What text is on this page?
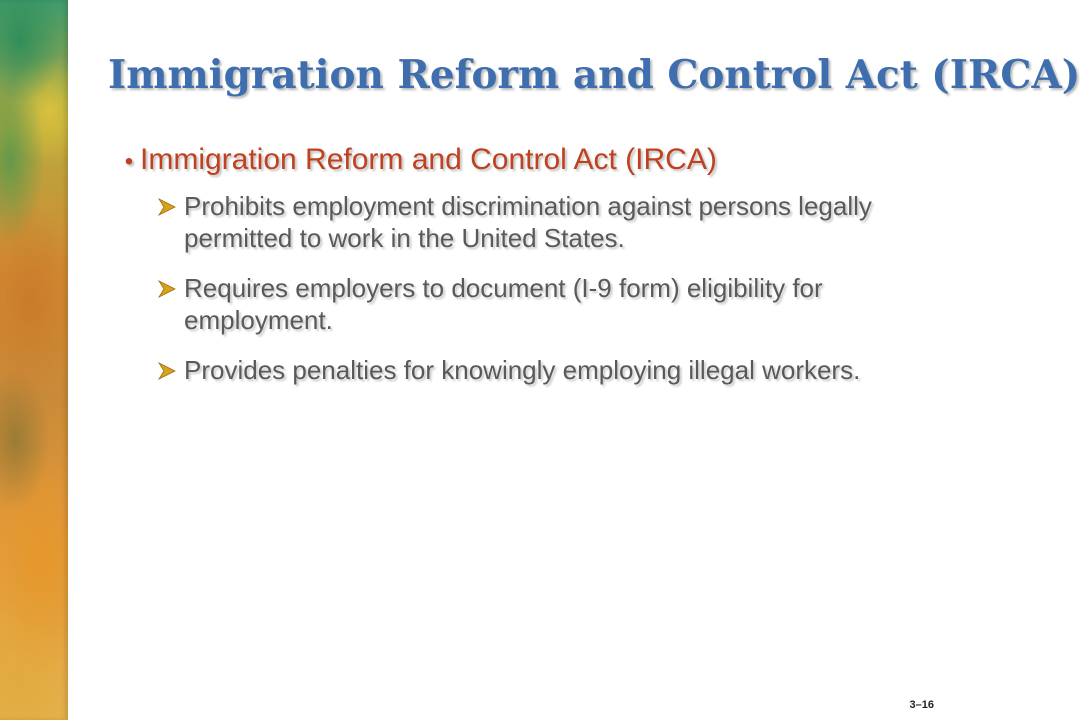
Immigration Reform and Control Act (IRCA)
• Immigration Reform and Control Act (IRCA)
Prohibits employment discrimination against persons legally permitted to work in the United States.
Requires employers to document (I-9 form) eligibility for employment.
Provides penalties for knowingly employing illegal workers.
3–16
